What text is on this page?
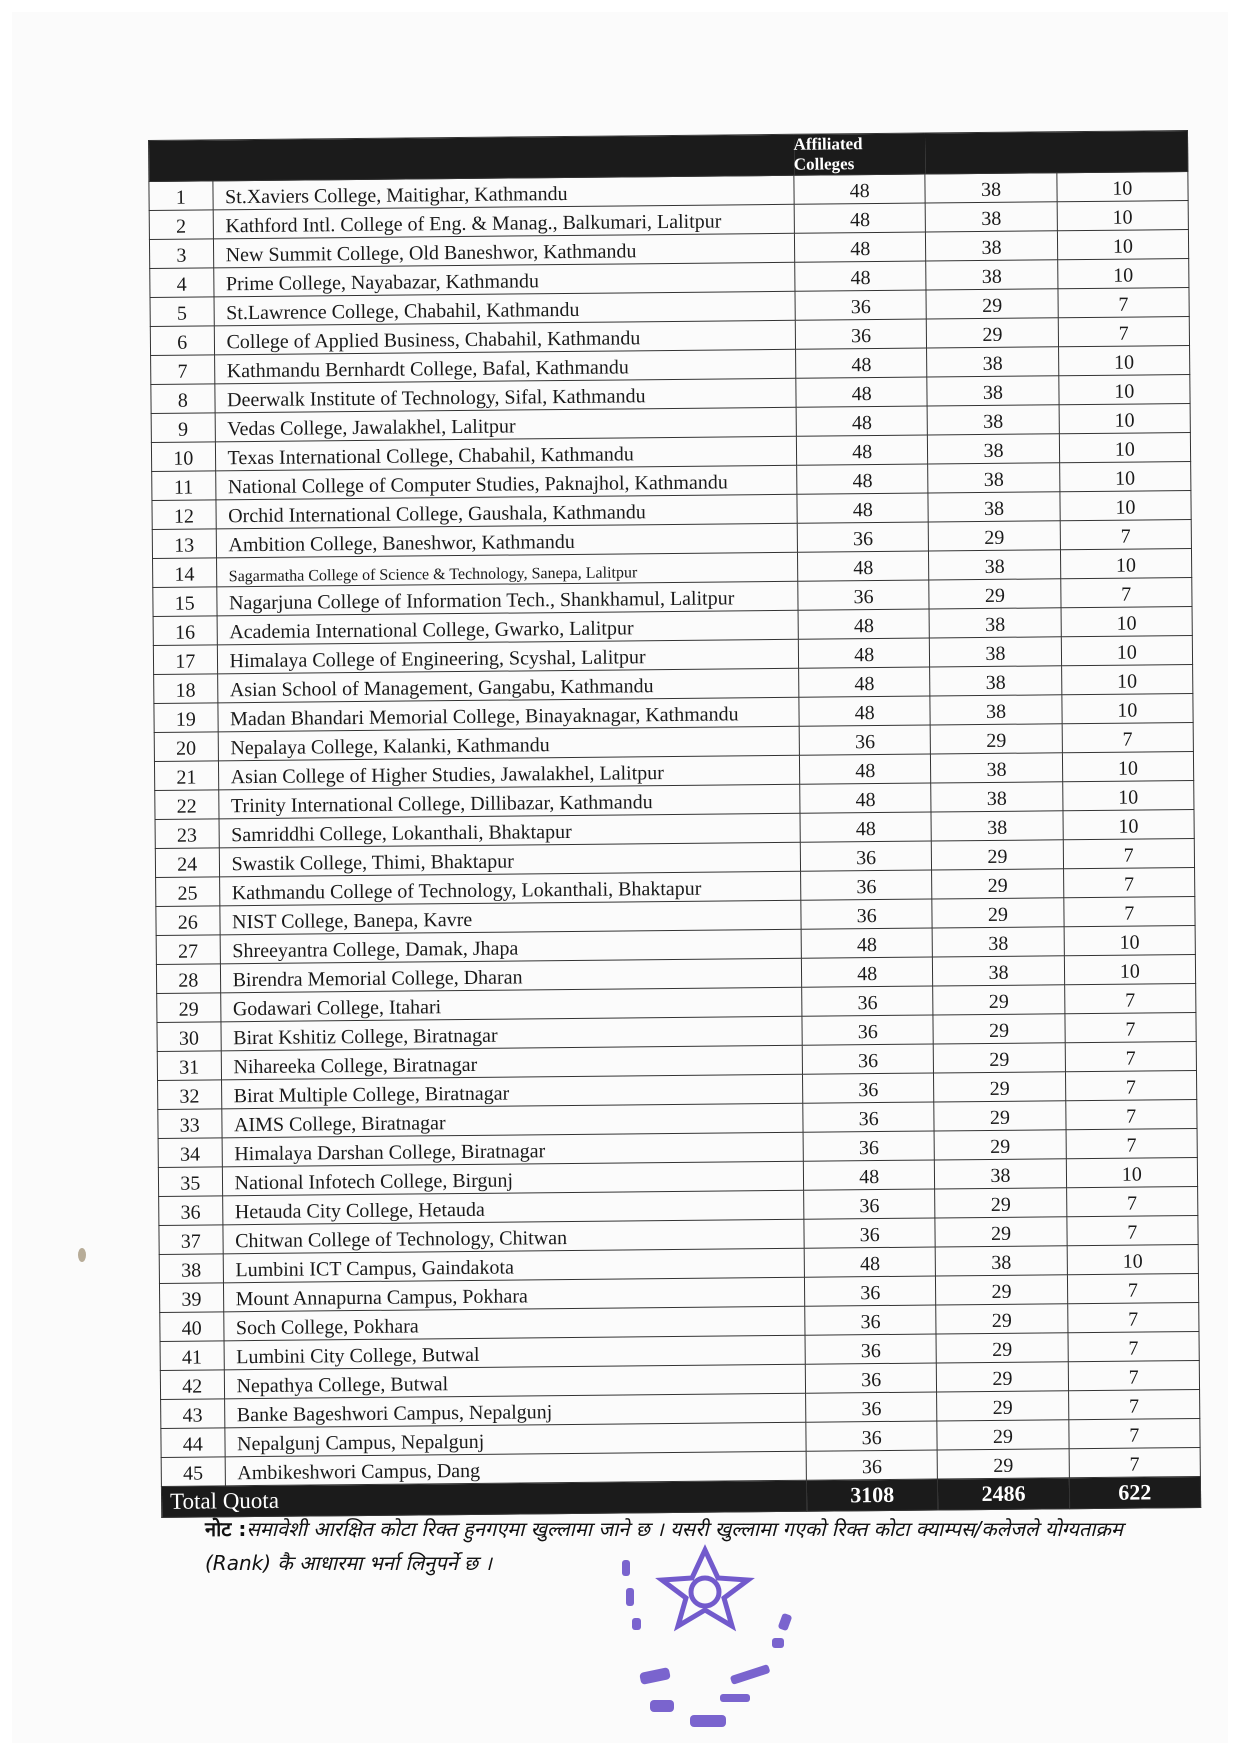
		Affiliated Colleges		
1	St.Xaviers College, Maitighar, Kathmandu	48	38	10
2	Kathford Intl. College of Eng. & Manag., Balkumari, Lalitpur	48	38	10
3	New Summit College, Old Baneshwor, Kathmandu	48	38	10
4	Prime College, Nayabazar, Kathmandu	48	38	10
5	St.Lawrence College, Chabahil, Kathmandu	36	29	7
6	College of Applied Business, Chabahil, Kathmandu	36	29	7
7	Kathmandu Bernhardt College, Bafal, Kathmandu	48	38	10
8	Deerwalk Institute of Technology, Sifal, Kathmandu	48	38	10
9	Vedas College, Jawalakhel, Lalitpur	48	38	10
10	Texas International College, Chabahil, Kathmandu	48	38	10
11	National College of Computer Studies, Paknajhol, Kathmandu	48	38	10
12	Orchid International College, Gaushala, Kathmandu	48	38	10
13	Ambition College, Baneshwor, Kathmandu	36	29	7
14	Sagarmatha College of Science & Technology, Sanepa, Lalitpur	48	38	10
15	Nagarjuna College of Information Tech., Shankhamul, Lalitpur	36	29	7
16	Academia International College, Gwarko, Lalitpur	48	38	10
17	Himalaya College of Engineering, Scyshal, Lalitpur	48	38	10
18	Asian School of Management, Gangabu, Kathmandu	48	38	10
19	Madan Bhandari Memorial College, Binayaknagar, Kathmandu	48	38	10
20	Nepalaya College, Kalanki, Kathmandu	36	29	7
21	Asian College of Higher Studies, Jawalakhel, Lalitpur	48	38	10
22	Trinity International College, Dillibazar, Kathmandu	48	38	10
23	Samriddhi College, Lokanthali, Bhaktapur	48	38	10
24	Swastik College, Thimi, Bhaktapur	36	29	7
25	Kathmandu College of Technology, Lokanthali, Bhaktapur	36	29	7
26	NIST College, Banepa, Kavre	36	29	7
27	Shreeyantra College, Damak, Jhapa	48	38	10
28	Birendra Memorial College, Dharan	48	38	10
29	Godawari College, Itahari	36	29	7
30	Birat Kshitiz College, Biratnagar	36	29	7
31	Nihareeka College, Biratnagar	36	29	7
32	Birat Multiple College, Biratnagar	36	29	7
33	AIMS College, Biratnagar	36	29	7
34	Himalaya Darshan College, Biratnagar	36	29	7
35	National Infotech College, Birgunj	48	38	10
36	Hetauda City College, Hetauda	36	29	7
37	Chitwan College of Technology, Chitwan	36	29	7
38	Lumbini ICT Campus, Gaindakota	48	38	10
39	Mount Annapurna Campus, Pokhara	36	29	7
40	Soch College, Pokhara	36	29	7
41	Lumbini City College, Butwal	36	29	7
42	Nepathya College, Butwal	36	29	7
43	Banke Bageshwori Campus, Nepalgunj	36	29	7
44	Nepalgunj Campus, Nepalgunj	36	29	7
45	Ambikeshwori Campus, Dang	36	29	7
Total Quota		3108	2486	622
नोट :समावेशी आरक्षित कोटा रिक्त हुनगएमा खुल्लामा जाने छ । यसरी खुल्लामा गएको रिक्त कोटा क्याम्पस/कलेजले योग्यताक्रम (Rank) कै आधारमा भर्ना लिनुपर्ने छ ।
